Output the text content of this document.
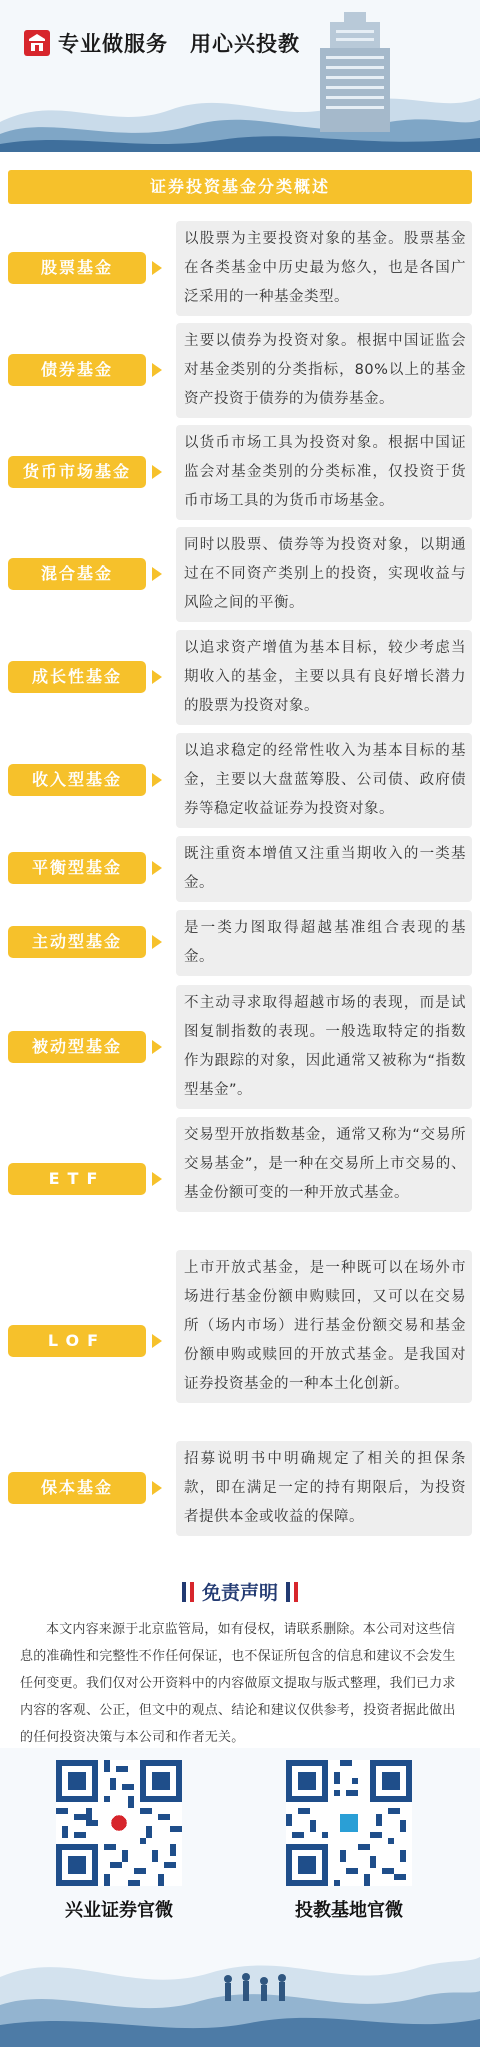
专业做服务　用心兴投教
证券投资基金分类概述
股票基金
以股票为主要投资对象的基金。股票基金在各类基金中历史最为悠久，也是各国广泛采用的一种基金类型。
债券基金
主要以债券为投资对象。根据中国证监会对基金类别的分类指标，80%以上的基金资产投资于债券的为债券基金。
货币市场基金
以货币市场工具为投资对象。根据中国证监会对基金类别的分类标准，仅投资于货币市场工具的为货币市场基金。
混合基金
同时以股票、债券等为投资对象，以期通过在不同资产类别上的投资，实现收益与风险之间的平衡。
成长性基金
以追求资产增值为基本目标，较少考虑当期收入的基金，主要以具有良好增长潜力的股票为投资对象。
收入型基金
以追求稳定的经常性收入为基本目标的基金，主要以大盘蓝筹股、公司债、政府债券等稳定收益证券为投资对象。
平衡型基金
既注重资本增值又注重当期收入的一类基金。
主动型基金
是一类力图取得超越基准组合表现的基金。
被动型基金
不主动寻求取得超越市场的表现，而是试图复制指数的表现。一般选取特定的指数作为跟踪的对象，因此通常又被称为“指数型基金”。
ETF
交易型开放指数基金，通常又称为“交易所交易基金”，是一种在交易所上市交易的、基金份额可变的一种开放式基金。
LOF
上市开放式基金，是一种既可以在场外市场进行基金份额申购赎回，又可以在交易所（场内市场）进行基金份额交易和基金份额申购或赎回的开放式基金。是我国对证券投资基金的一种本土化创新。
保本基金
招募说明书中明确规定了相关的担保条款，即在满足一定的持有期限后，为投资者提供本金或收益的保障。
免责声明
本文内容来源于北京监管局，如有侵权，请联系删除。本公司对这些信息的准确性和完整性不作任何保证，也不保证所包含的信息和建议不会发生任何变更。我们仅对公开资料中的内容做原文提取与版式整理，我们已力求内容的客观、公正，但文中的观点、结论和建议仅供参考，投资者据此做出的任何投资决策与本公司和作者无关。
兴业证券官微	投教基地官微
